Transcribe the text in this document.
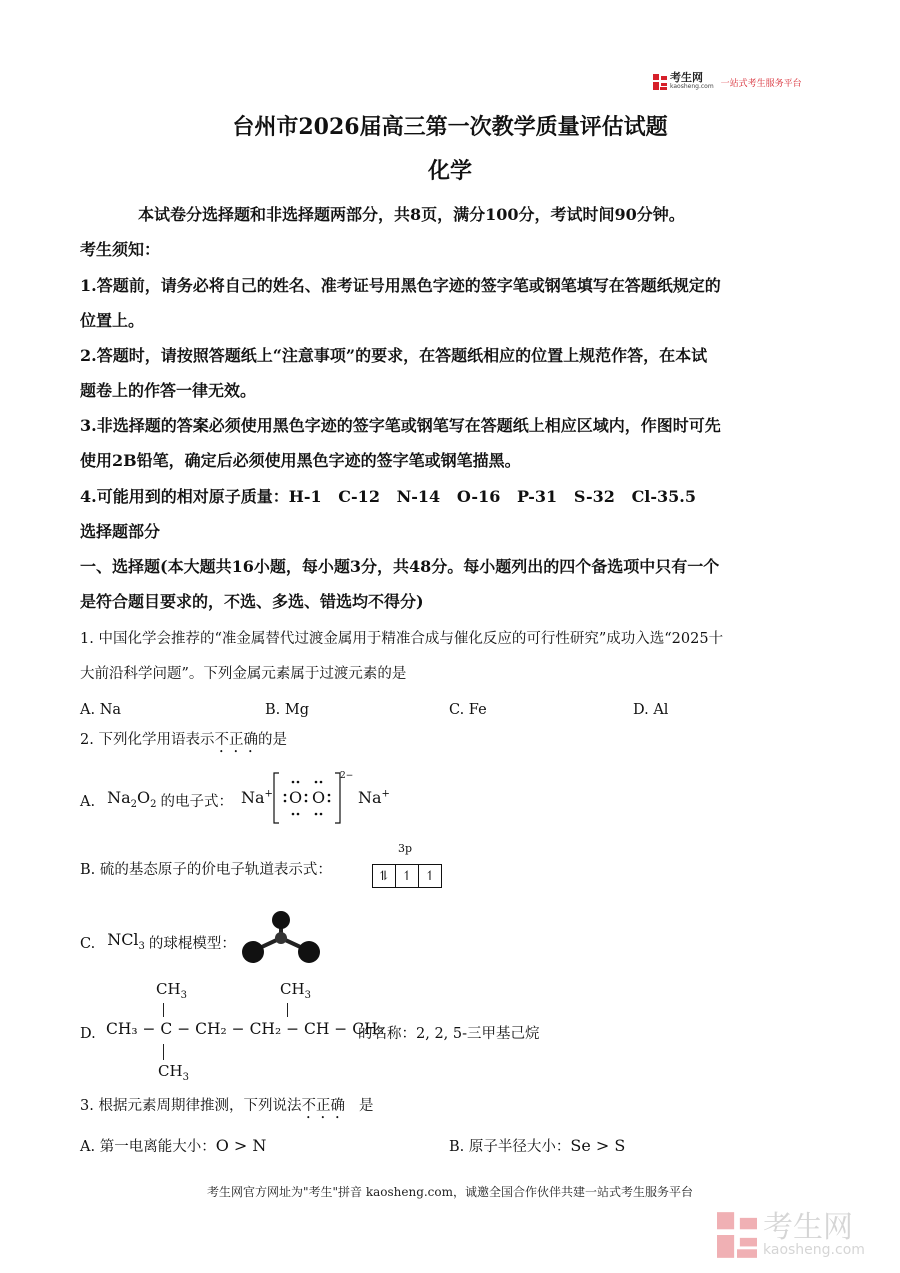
考生网
kaosheng.com 一站式考生服务平台
台州市2026届高三第一次教学质量评估试题
化学
本试卷分选择题和非选择题两部分，共8页，满分100分，考试时间90分钟。
考生须知：
1.答题前，请务必将自己的姓名、准考证号用黑色字迹的签字笔或钢笔填写在答题纸规定的
位置上。
2.答题时，请按照答题纸上“注意事项”的要求，在答题纸相应的位置上规范作答，在本试
题卷上的作答一律无效。
3.非选择题的答案必须使用黑色字迹的签字笔或钢笔写在答题纸上相应区域内，作图时可先
使用2B铅笔，确定后必须使用黑色字迹的签字笔或钢笔描黑。
4.可能用到的相对原子质量：H-1   C-12   N-14   O-16   P-31   S-32   Cl-35.5
选择题部分
一、选择题(本大题共16小题，每小题3分，共48分。每小题列出的四个备选项中只有一个
是符合题目要求的，不选、多选、错选均不得分)
1. 中国化学会推荐的“准金属替代过渡金属用于精准合成与催化反应的可行性研究”成功入选“2025十
大前沿科学问题”。下列金属元素属于过渡元素的是
A. Na	B. Mg	C. Fe	D. Al
2. 下列化学用语表示不正确的是
A. $Na_2O_2$ 的电子式： Na+ O O
2−
Na+
B. 硫的基态原子的价电子轨道表示式：
3p
⥮ ↿ ↿
C. NCl$_3$ 的球棍模型：
$CH_3$	$CH_3$
D. CH₃ − C − CH₂ − CH₂ − CH − CH₃
的名称：2, 2, 5-三甲基己烷
$CH_3$
3. 根据元素周期律推测，下列说法不正确 是
A. 第一电离能大小：O > N	B. 原子半径大小：Se > S
考生网官方网址为"考生"拼音 kaosheng.com，诚邀全国合作伙伴共建一站式考生服务平台
考生网
kaosheng.com
